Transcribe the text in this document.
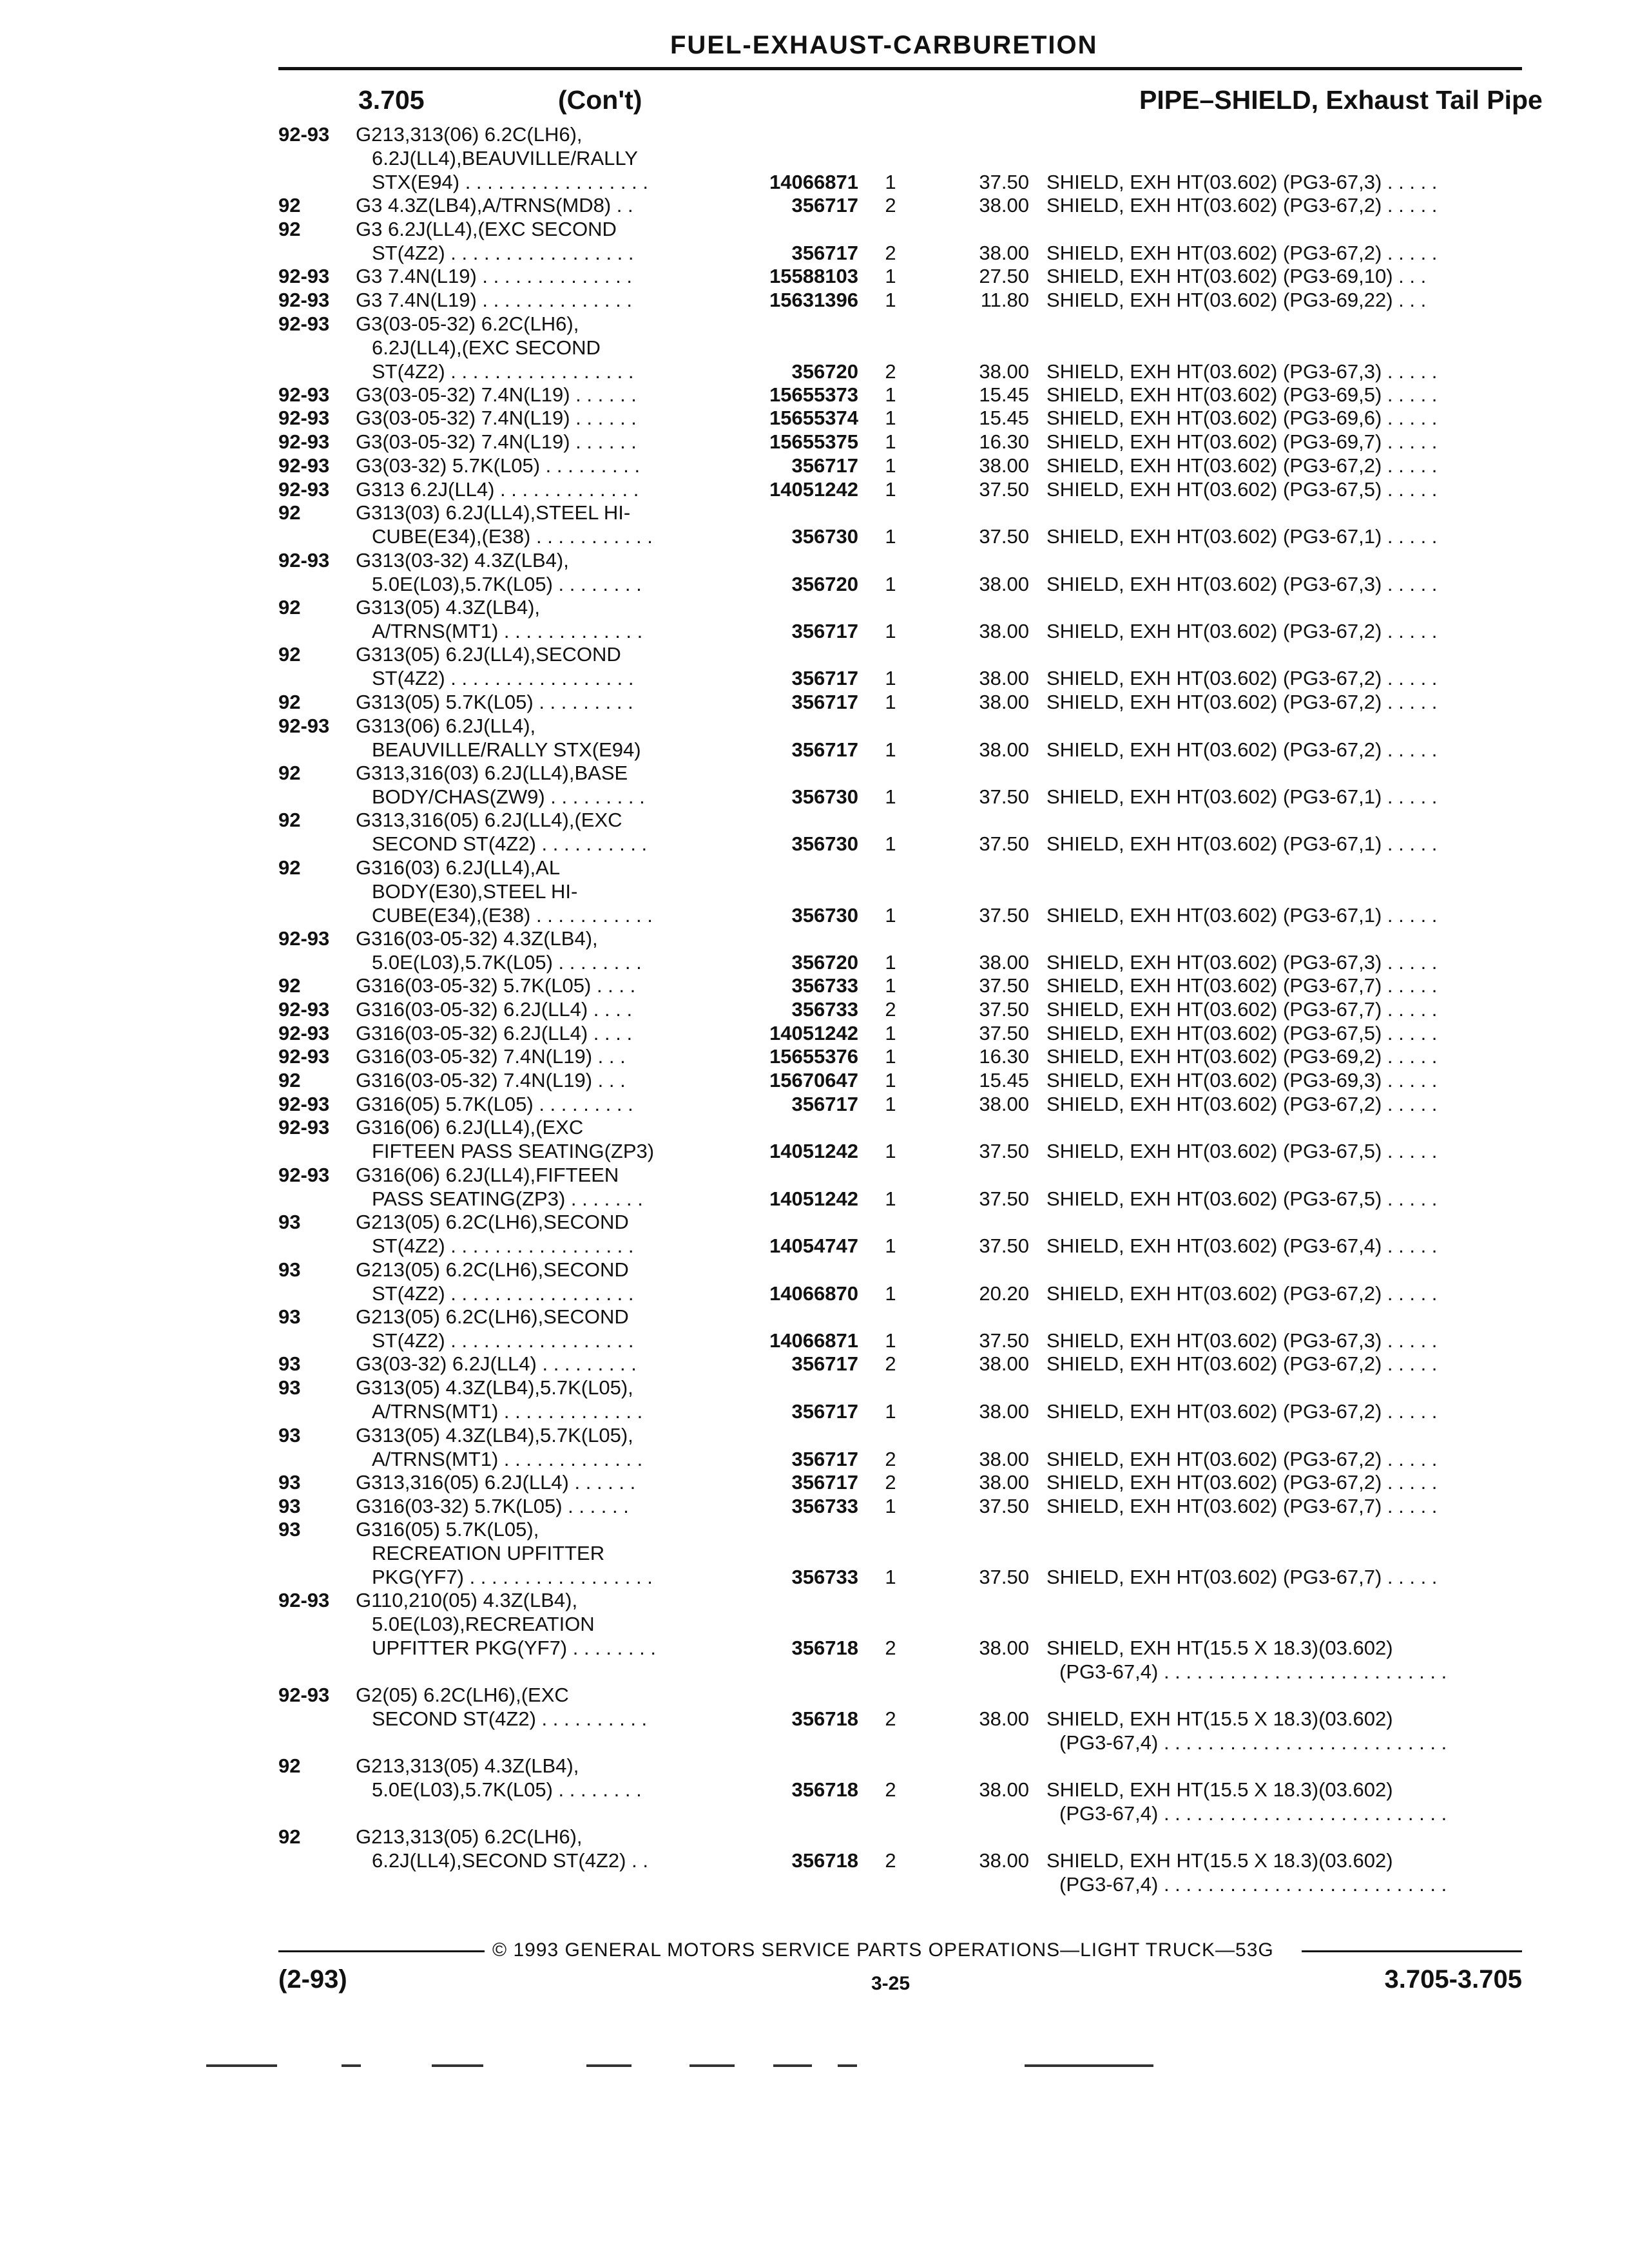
FUEL-EXHAUST-CARBURETION
3.705	PIPE–SHIELD, Exhaust Tail Pipe
(Con't)
92-93	G213,313(06) 6.2C(LH6),
6.2J(LL4),BEAUVILLE/RALLY
STX(E94) . . . . . . . . . . . . . . . . .	14066871	1	37.50 SHIELD, EXH HT(03.602) (PG3-67,3) . . . . .
92	G3 4.3Z(LB4),A/TRNS(MD8) . .	356717	2	38.00 SHIELD, EXH HT(03.602) (PG3-67,2) . . . . .
92	G3 6.2J(LL4),(EXC SECOND
ST(4Z2) . . . . . . . . . . . . . . . . .	356717	2	38.00 SHIELD, EXH HT(03.602) (PG3-67,2) . . . . .
92-93	G3 7.4N(L19) . . . . . . . . . . . . . .	15588103	1	27.50 SHIELD, EXH HT(03.602) (PG3-69,10) . . .
92-93	G3 7.4N(L19) . . . . . . . . . . . . . .	15631396	1	11.80 SHIELD, EXH HT(03.602) (PG3-69,22) . . .
92-93	G3(03-05-32) 6.2C(LH6),
6.2J(LL4),(EXC SECOND
ST(4Z2) . . . . . . . . . . . . . . . . .	356720	2	38.00 SHIELD, EXH HT(03.602) (PG3-67,3) . . . . .
92-93	G3(03-05-32) 7.4N(L19) . . . . . .	15655373	1	15.45 SHIELD, EXH HT(03.602) (PG3-69,5) . . . . .
92-93	G3(03-05-32) 7.4N(L19) . . . . . .	15655374	1	15.45 SHIELD, EXH HT(03.602) (PG3-69,6) . . . . .
92-93	G3(03-05-32) 7.4N(L19) . . . . . .	15655375	1	16.30 SHIELD, EXH HT(03.602) (PG3-69,7) . . . . .
92-93	G3(03-32) 5.7K(L05) . . . . . . . . .	356717	1	38.00 SHIELD, EXH HT(03.602) (PG3-67,2) . . . . .
92-93	G313 6.2J(LL4) . . . . . . . . . . . . .	14051242	1	37.50 SHIELD, EXH HT(03.602) (PG3-67,5) . . . . .
92	G313(03) 6.2J(LL4),STEEL HI-
CUBE(E34),(E38) . . . . . . . . . . .	356730	1	37.50 SHIELD, EXH HT(03.602) (PG3-67,1) . . . . .
92-93	G313(03-32) 4.3Z(LB4),
5.0E(L03),5.7K(L05) . . . . . . . .	356720	1	38.00 SHIELD, EXH HT(03.602) (PG3-67,3) . . . . .
92	G313(05) 4.3Z(LB4),
A/TRNS(MT1) . . . . . . . . . . . . .	356717	1	38.00 SHIELD, EXH HT(03.602) (PG3-67,2) . . . . .
92	G313(05) 6.2J(LL4),SECOND
ST(4Z2) . . . . . . . . . . . . . . . . .	356717	1	38.00 SHIELD, EXH HT(03.602) (PG3-67,2) . . . . .
92	G313(05) 5.7K(L05) . . . . . . . . .	356717	1	38.00 SHIELD, EXH HT(03.602) (PG3-67,2) . . . . .
92-93	G313(06) 6.2J(LL4),
BEAUVILLE/RALLY STX(E94)	356717	1	38.00 SHIELD, EXH HT(03.602) (PG3-67,2) . . . . .
92	G313,316(03) 6.2J(LL4),BASE
BODY/CHAS(ZW9) . . . . . . . . .	356730	1	37.50 SHIELD, EXH HT(03.602) (PG3-67,1) . . . . .
92	G313,316(05) 6.2J(LL4),(EXC
SECOND ST(4Z2) . . . . . . . . . .	356730	1	37.50 SHIELD, EXH HT(03.602) (PG3-67,1) . . . . .
92	G316(03) 6.2J(LL4),AL
BODY(E30),STEEL HI-
CUBE(E34),(E38) . . . . . . . . . . .	356730	1	37.50 SHIELD, EXH HT(03.602) (PG3-67,1) . . . . .
92-93	G316(03-05-32) 4.3Z(LB4),
5.0E(L03),5.7K(L05) . . . . . . . .	356720	1	38.00 SHIELD, EXH HT(03.602) (PG3-67,3) . . . . .
92	G316(03-05-32) 5.7K(L05) . . . .	356733	1	37.50 SHIELD, EXH HT(03.602) (PG3-67,7) . . . . .
92-93	G316(03-05-32) 6.2J(LL4) . . . .	356733	2	37.50 SHIELD, EXH HT(03.602) (PG3-67,7) . . . . .
92-93	G316(03-05-32) 6.2J(LL4) . . . .	14051242	1	37.50 SHIELD, EXH HT(03.602) (PG3-67,5) . . . . .
92-93	G316(03-05-32) 7.4N(L19) . . .	15655376	1	16.30 SHIELD, EXH HT(03.602) (PG3-69,2) . . . . .
92	G316(03-05-32) 7.4N(L19) . . .	15670647	1	15.45 SHIELD, EXH HT(03.602) (PG3-69,3) . . . . .
92-93	G316(05) 5.7K(L05) . . . . . . . . .	356717	1	38.00 SHIELD, EXH HT(03.602) (PG3-67,2) . . . . .
92-93	G316(06) 6.2J(LL4),(EXC
FIFTEEN PASS SEATING(ZP3)	14051242	1	37.50 SHIELD, EXH HT(03.602) (PG3-67,5) . . . . .
92-93	G316(06) 6.2J(LL4),FIFTEEN
PASS SEATING(ZP3) . . . . . . .	14051242	1	37.50 SHIELD, EXH HT(03.602) (PG3-67,5) . . . . .
93	G213(05) 6.2C(LH6),SECOND
ST(4Z2) . . . . . . . . . . . . . . . . .	14054747	1	37.50 SHIELD, EXH HT(03.602) (PG3-67,4) . . . . .
93	G213(05) 6.2C(LH6),SECOND
ST(4Z2) . . . . . . . . . . . . . . . . .	14066870	1	20.20 SHIELD, EXH HT(03.602) (PG3-67,2) . . . . .
93	G213(05) 6.2C(LH6),SECOND
ST(4Z2) . . . . . . . . . . . . . . . . .	14066871	1	37.50 SHIELD, EXH HT(03.602) (PG3-67,3) . . . . .
93	G3(03-32) 6.2J(LL4) . . . . . . . . .	356717	2	38.00 SHIELD, EXH HT(03.602) (PG3-67,2) . . . . .
93	G313(05) 4.3Z(LB4),5.7K(L05),
A/TRNS(MT1) . . . . . . . . . . . . .	356717	1	38.00 SHIELD, EXH HT(03.602) (PG3-67,2) . . . . .
93	G313(05) 4.3Z(LB4),5.7K(L05),
A/TRNS(MT1) . . . . . . . . . . . . .	356717	2	38.00 SHIELD, EXH HT(03.602) (PG3-67,2) . . . . .
93	G313,316(05) 6.2J(LL4) . . . . . .	356717	2	38.00 SHIELD, EXH HT(03.602) (PG3-67,2) . . . . .
93	G316(03-32) 5.7K(L05) . . . . . .	356733	1	37.50 SHIELD, EXH HT(03.602) (PG3-67,7) . . . . .
93	G316(05) 5.7K(L05),
RECREATION UPFITTER
PKG(YF7) . . . . . . . . . . . . . . . . .	356733	1	37.50 SHIELD, EXH HT(03.602) (PG3-67,7) . . . . .
92-93	G110,210(05) 4.3Z(LB4),
5.0E(L03),RECREATION
UPFITTER PKG(YF7) . . . . . . . .	356718	2	38.00 SHIELD, EXH HT(15.5 X 18.3)(03.602)
(PG3-67,4) . . . . . . . . . . . . . . . . . . . . . . . . . .
92-93	G2(05) 6.2C(LH6),(EXC
SECOND ST(4Z2) . . . . . . . . . .	356718	2	38.00 SHIELD, EXH HT(15.5 X 18.3)(03.602)
(PG3-67,4) . . . . . . . . . . . . . . . . . . . . . . . . . .
92	G213,313(05) 4.3Z(LB4),
5.0E(L03),5.7K(L05) . . . . . . . .	356718	2	38.00 SHIELD, EXH HT(15.5 X 18.3)(03.602)
(PG3-67,4) . . . . . . . . . . . . . . . . . . . . . . . . . .
92	G213,313(05) 6.2C(LH6),
6.2J(LL4),SECOND ST(4Z2) . .	356718	2	38.00 SHIELD, EXH HT(15.5 X 18.3)(03.602)
(PG3-67,4) . . . . . . . . . . . . . . . . . . . . . . . . . .
© 1993 GENERAL MOTORS SERVICE PARTS OPERATIONS—LIGHT TRUCK—53G
(2-93)	3-25	3.705-3.705
